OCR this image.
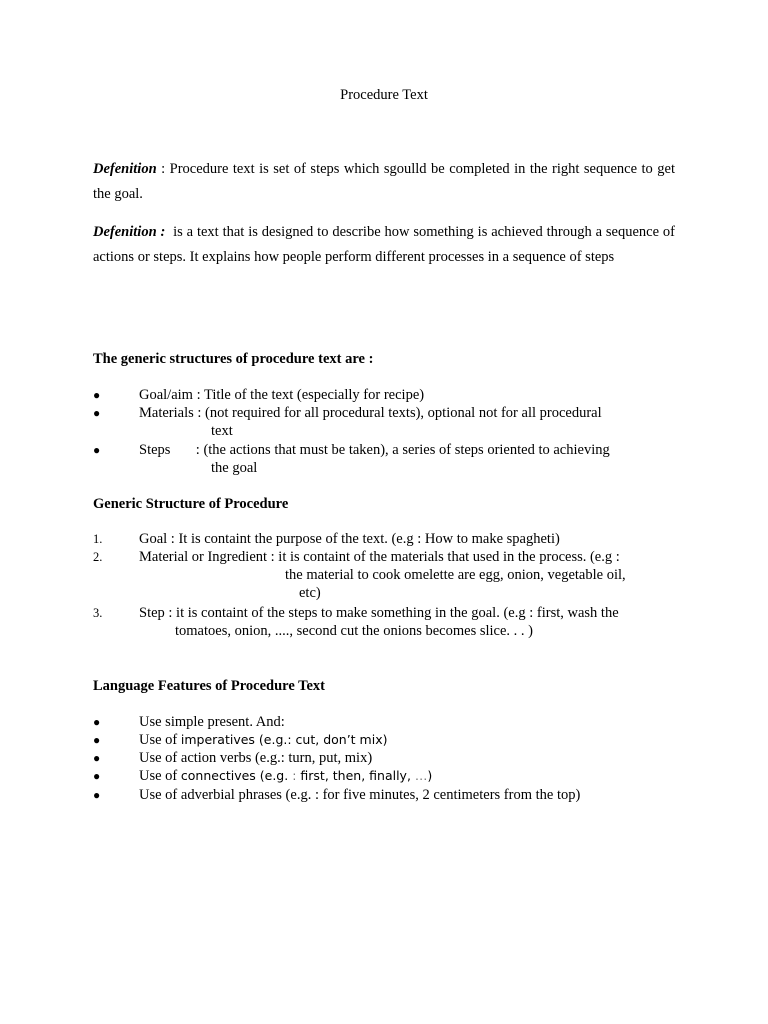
Procedure Text

Defenition : Procedure text is set of steps which sgoulld be completed in the right sequence to get the goal.

Defenition : is a text that is designed to describe how something is achieved through a sequence of actions or steps. It explains how people perform different processes in a sequence of steps

The generic structures of procedure text are :
●	Goal/aim : Title of the text (especially for recipe)
●	Materials : (not required for all procedural texts), optional not for all procedural
text
●	Steps       : (the actions that must be taken), a series of steps oriented to achieving
the goal
Generic Structure of Procedure
1.	Goal : It is containt the purpose of the text. (e.g : How to make spagheti)
2.	Material or Ingredient : it is containt of the materials that used in the process. (e.g :
the material to cook omelette are egg, onion, vegetable oil,
etc)
3.	Step : it is containt of the steps to make something in the goal. (e.g : first, wash the
tomatoes, onion, ...., second cut the onions becomes slice. . . )
Language Features of Procedure Text
●	Use simple present. And:
●	Use of imperatives (e.g.: cut, don’t mix)
●	Use of action verbs (e.g.: turn, put, mix)
●	Use of connectives (e.g. : first, then, finally, …)
●	Use of adverbial phrases (e.g. : for five minutes, 2 centimeters from the top)
